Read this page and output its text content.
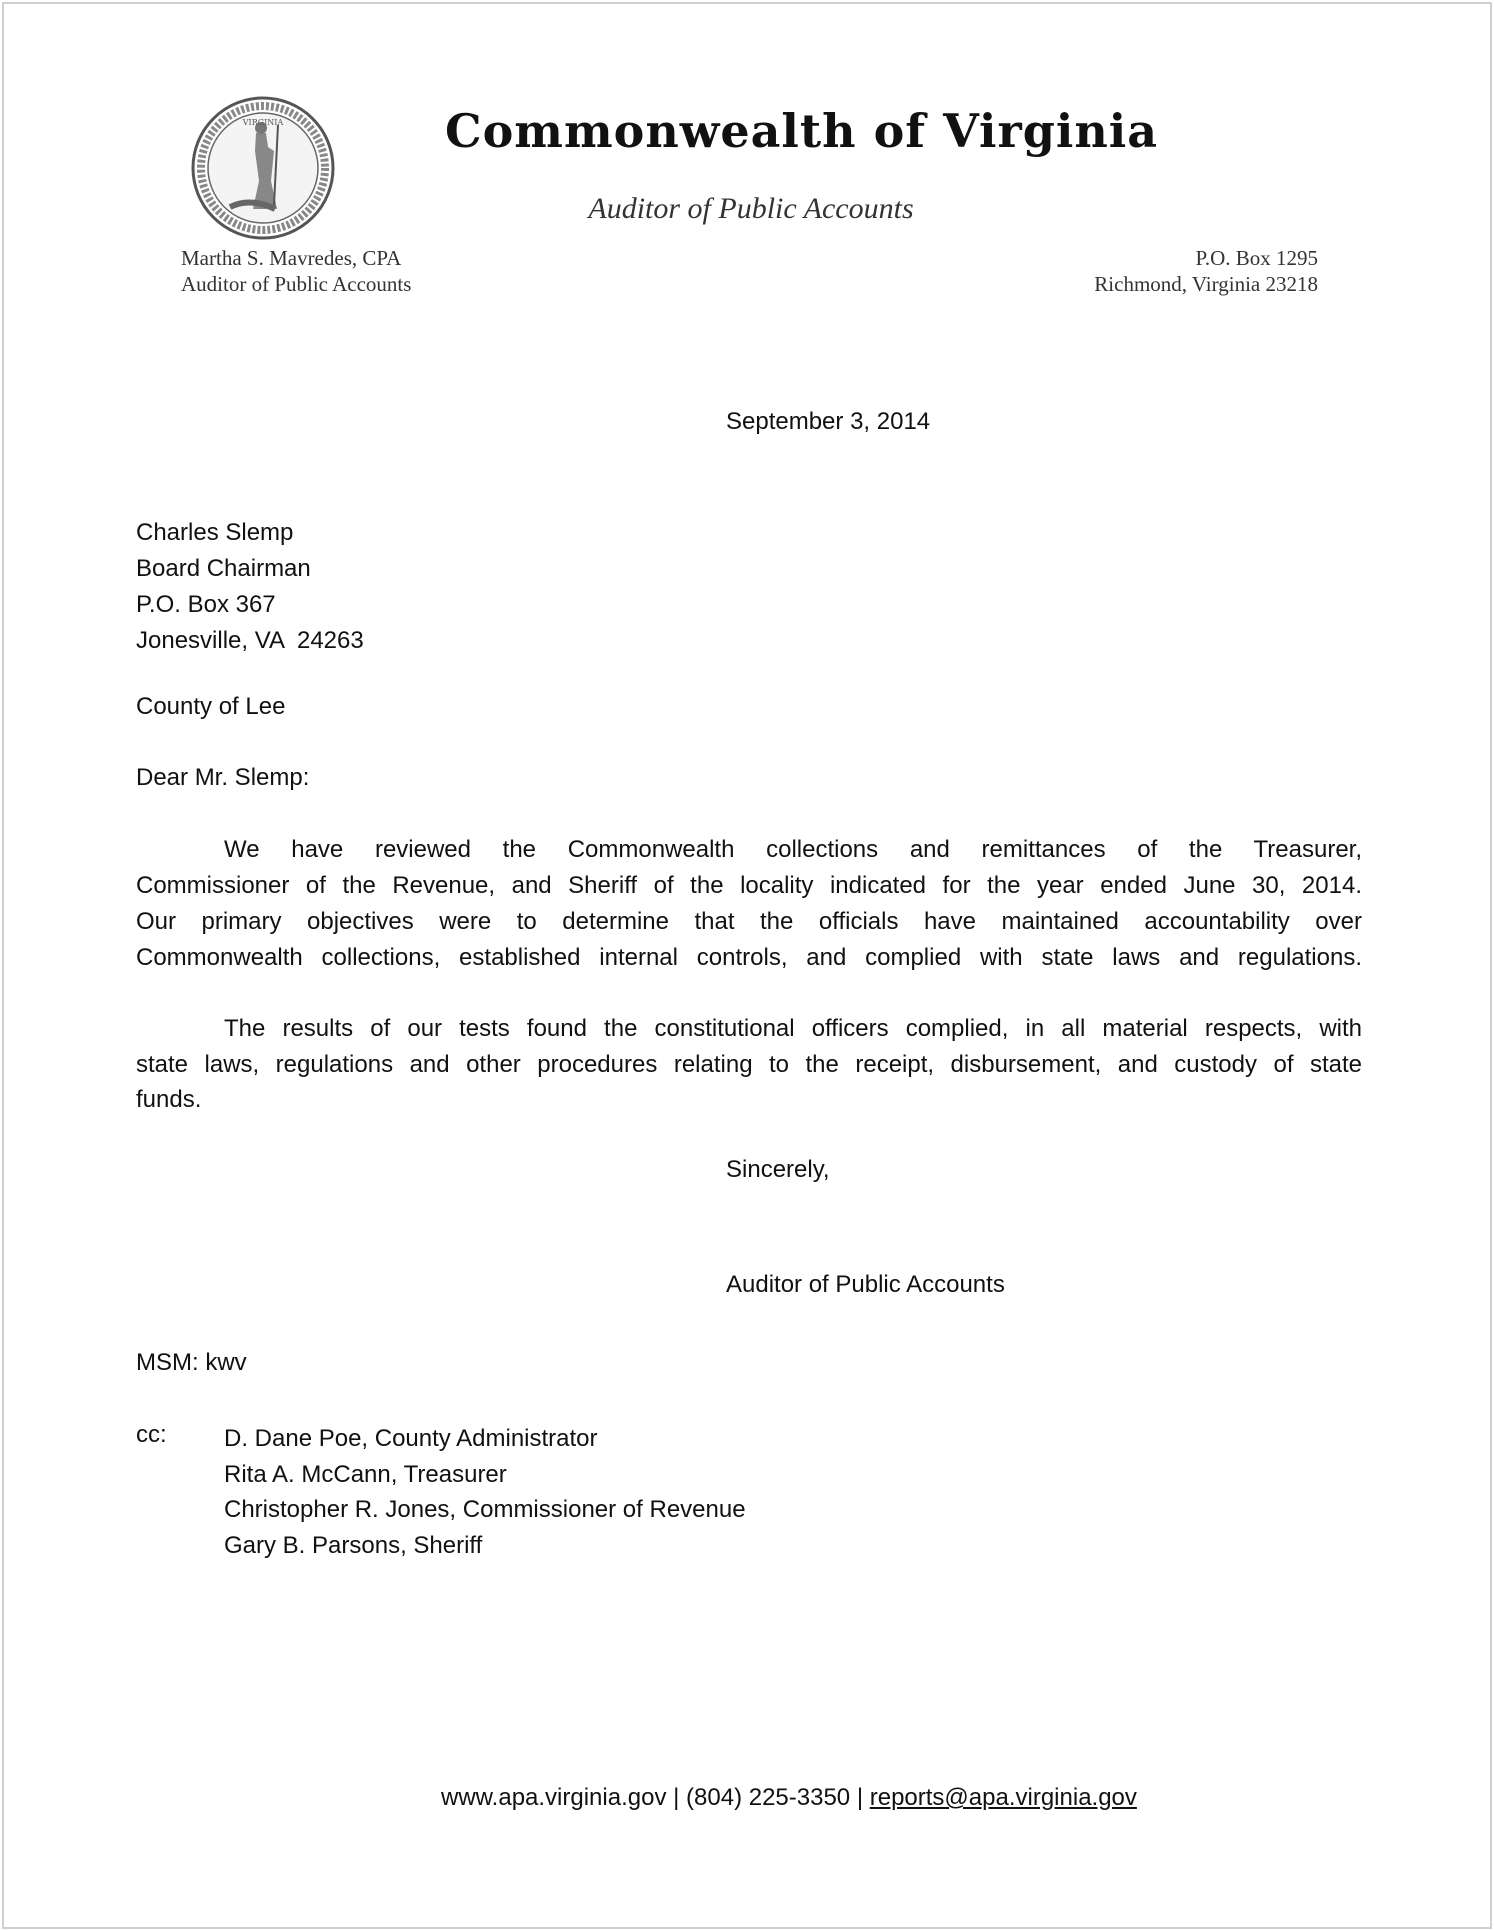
VIRGINIA	Commonwealth of Virginia
Auditor of Public Accounts
Martha S. Mavredes, CPA
Auditor of Public Accounts
P.O. Box 1295
Richmond, Virginia 23218
September 3, 2014
Charles Slemp
Board Chairman
P.O. Box 367
Jonesville, VA  24263
County of Lee
Dear Mr. Slemp:
We have reviewed the Commonwealth collections and remittances of the Treasurer,
Commissioner of the Revenue, and Sheriff of the locality indicated for the year ended June 30, 2014.
Our primary objectives were to determine that the officials have maintained accountability over
Commonwealth collections, established internal controls, and complied with state laws and regulations.
The results of our tests found the constitutional officers complied, in all material respects, with
state laws, regulations and other procedures relating to the receipt, disbursement, and custody of state
funds.
Sincerely,
Auditor of Public Accounts
MSM: kwv
cc: D. Dane Poe, County Administrator
Rita A. McCann, Treasurer
Christopher R. Jones, Commissioner of Revenue
Gary B. Parsons, Sheriff
www.apa.virginia.gov | (804) 225-3350 | reports@apa.virginia.gov
